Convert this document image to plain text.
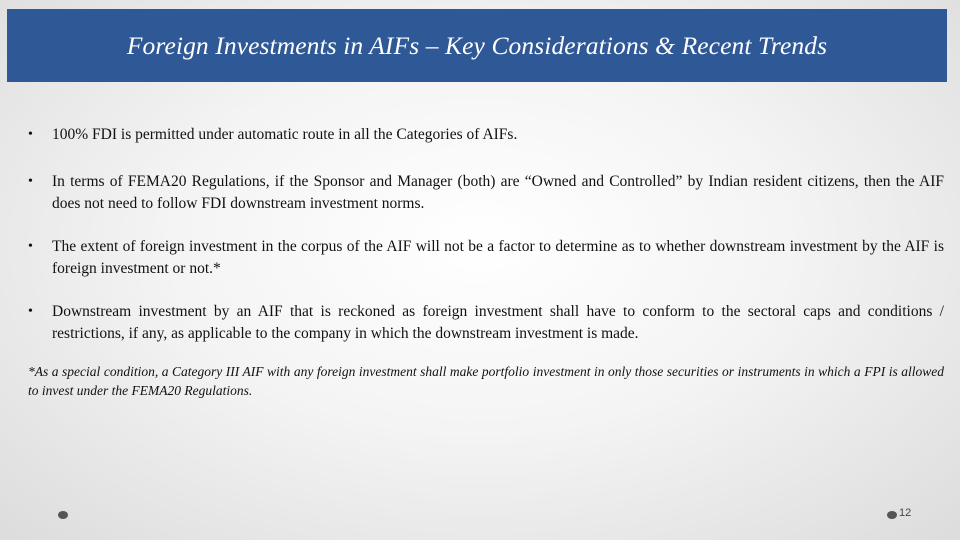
Foreign Investments in AIFs – Key Considerations & Recent Trends
•	100% FDI is permitted under automatic route in all the Categories of AIFs.
•	In terms of FEMA20 Regulations, if the Sponsor and Manager (both) are “Owned and Controlled” by Indian resident citizens, then the AIF does not need to follow FDI downstream investment norms.
•	The extent of foreign investment in the corpus of the AIF will not be a factor to determine as to whether downstream investment by the AIF is foreign investment or not.*
•	Downstream investment by an AIF that is reckoned as foreign investment shall have to conform to the sectoral caps and conditions / restrictions, if any, as applicable to the company in which the downstream investment is made.
*As a special condition, a Category III AIF with any foreign investment shall make portfolio investment in only those securities or instruments in which a FPI is allowed to invest under the FEMA20 Regulations.
12
